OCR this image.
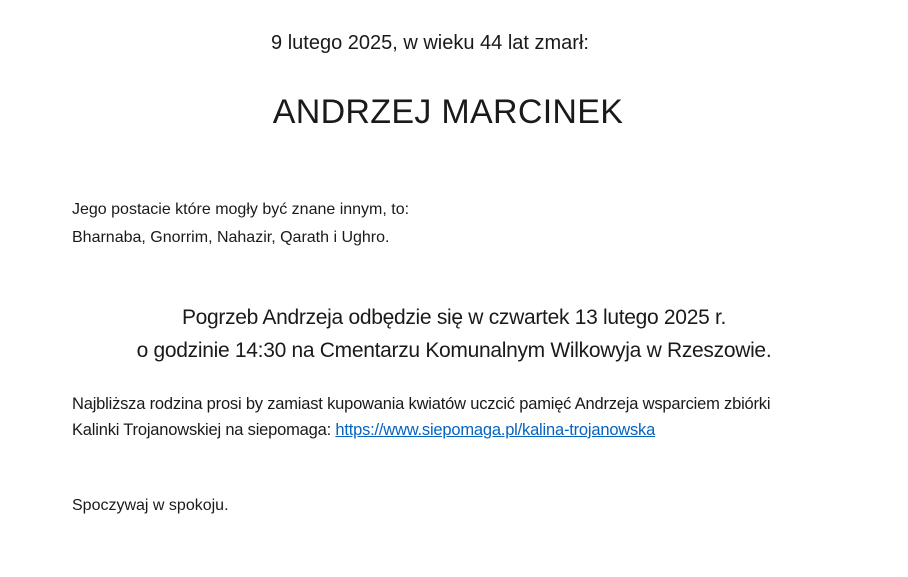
9 lutego 2025, w wieku 44 lat zmarł:

ANDRZEJ MARCINEK

Jego postacie które mogły być znane innym, to:

Bharnaba, Gnorrim, Nahazir, Qarath i Ughro.

Pogrzeb Andrzeja odbędzie się w czwartek 13 lutego 2025 r.

o godzinie 14:30 na Cmentarzu Komunalnym Wilkowyja w Rzeszowie.

Najbliższa rodzina prosi by zamiast kupowania kwiatów uczcić pamięć Andrzeja wsparciem zbiórki

Kalinki Trojanowskiej na siepomaga: https://www.siepomaga.pl/kalina-trojanowska

Spoczywaj w spokoju.
